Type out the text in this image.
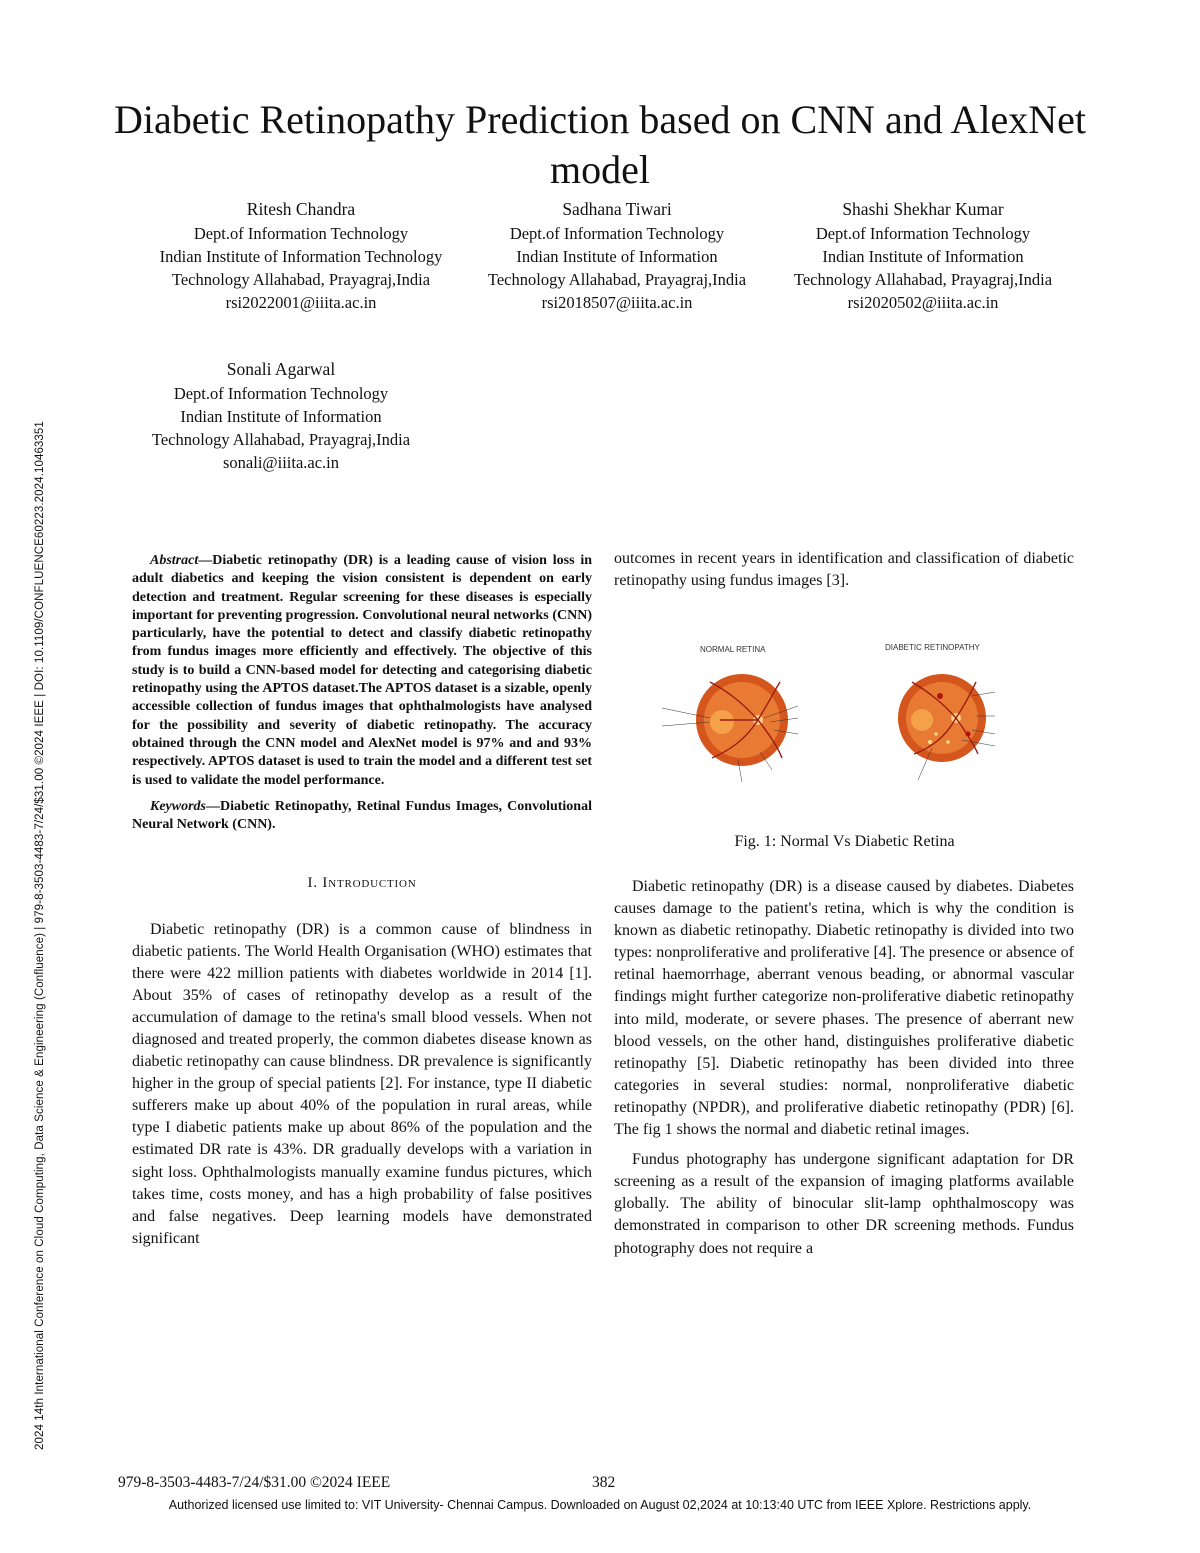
2024 14th International Conference on Cloud Computing, Data Science & Engineering (Confluence) | 979-8-3503-4483-7/24/$31.00 ©2024 IEEE | DOI: 10.1109/CONFLUENCE60223.2024.10463351
Diabetic Retinopathy Prediction based on CNN and AlexNet model
Ritesh Chandra
Dept.of Information Technology
Indian Institute of Information Technology
Technology Allahabad, Prayagraj,India
rsi2022001@iiita.ac.in
Sadhana Tiwari
Dept.of Information Technology
Indian Institute of Information
Technology Allahabad, Prayagraj,India
rsi2018507@iiita.ac.in
Shashi Shekhar Kumar
Dept.of Information Technology
Indian Institute of Information
Technology Allahabad, Prayagraj,India
rsi2020502@iiita.ac.in
Sonali Agarwal
Dept.of Information Technology
Indian Institute of Information
Technology Allahabad, Prayagraj,India
sonali@iiita.ac.in

Abstract—Diabetic retinopathy (DR) is a leading cause of vision loss in adult diabetics and keeping the vision consistent is dependent on early detection and treatment. Regular screening for these diseases is especially important for preventing progression. Convolutional neural networks (CNN) particularly, have the potential to detect and classify diabetic retinopathy from fundus images more efficiently and effectively. The objective of this study is to build a CNN-based model for detecting and categorising diabetic retinopathy using the APTOS dataset.The APTOS dataset is a sizable, openly accessible collection of fundus images that ophthalmologists have analysed for the possibility and severity of diabetic retinopathy. The accuracy obtained through the CNN model and AlexNet model is 97% and and 93% respectively. APTOS dataset is used to train the model and a different test set is used to validate the model performance.

Keywords—Diabetic Retinopathy, Retinal Fundus Images, Convolutional Neural Network (CNN).

I. Introduction

Diabetic retinopathy (DR) is a common cause of blindness in diabetic patients. The World Health Organisation (WHO) estimates that there were 422 million patients with diabetes worldwide in 2014 [1]. About 35% of cases of retinopathy develop as a result of the accumulation of damage to the retina's small blood vessels. When not diagnosed and treated properly, the common diabetes disease known as diabetic retinopathy can cause blindness. DR prevalence is significantly higher in the group of special patients [2]. For instance, type II diabetic sufferers make up about 40% of the population in rural areas, while type I diabetic patients make up about 86% of the population and the estimated DR rate is 43%. DR gradually develops with a variation in sight loss. Ophthalmologists manually examine fundus pictures, which takes time, costs money, and has a high probability of false positives and false negatives. Deep learning models have demonstrated significant

outcomes in recent years in identification and classification of diabetic retinopathy using fundus images [3].

NORMAL RETINA	DIABETIC RETINOPATHY
Fig. 1: Normal Vs Diabetic Retina

Diabetic retinopathy (DR) is a disease caused by diabetes. Diabetes causes damage to the patient's retina, which is why the condition is known as diabetic retinopathy. Diabetic retinopathy is divided into two types: nonproliferative and proliferative [4]. The presence or absence of retinal haemorrhage, aberrant venous beading, or abnormal vascular findings might further categorize non-proliferative diabetic retinopathy into mild, moderate, or severe phases. The presence of aberrant new blood vessels, on the other hand, distinguishes proliferative diabetic retinopathy [5]. Diabetic retinopathy has been divided into three categories in several studies: normal, nonproliferative diabetic retinopathy (NPDR), and proliferative diabetic retinopathy (PDR) [6]. The fig 1 shows the normal and diabetic retinal images.

Fundus photography has undergone significant adaptation for DR screening as a result of the expansion of imaging platforms available globally. The ability of binocular slit-lamp ophthalmoscopy was demonstrated in comparison to other DR screening methods. Fundus photography does not require a

979-8-3503-4483-7/24/$31.00 ©2024 IEEE	382
Authorized licensed use limited to: VIT University- Chennai Campus. Downloaded on August 02,2024 at 10:13:40 UTC from IEEE Xplore. Restrictions apply.
